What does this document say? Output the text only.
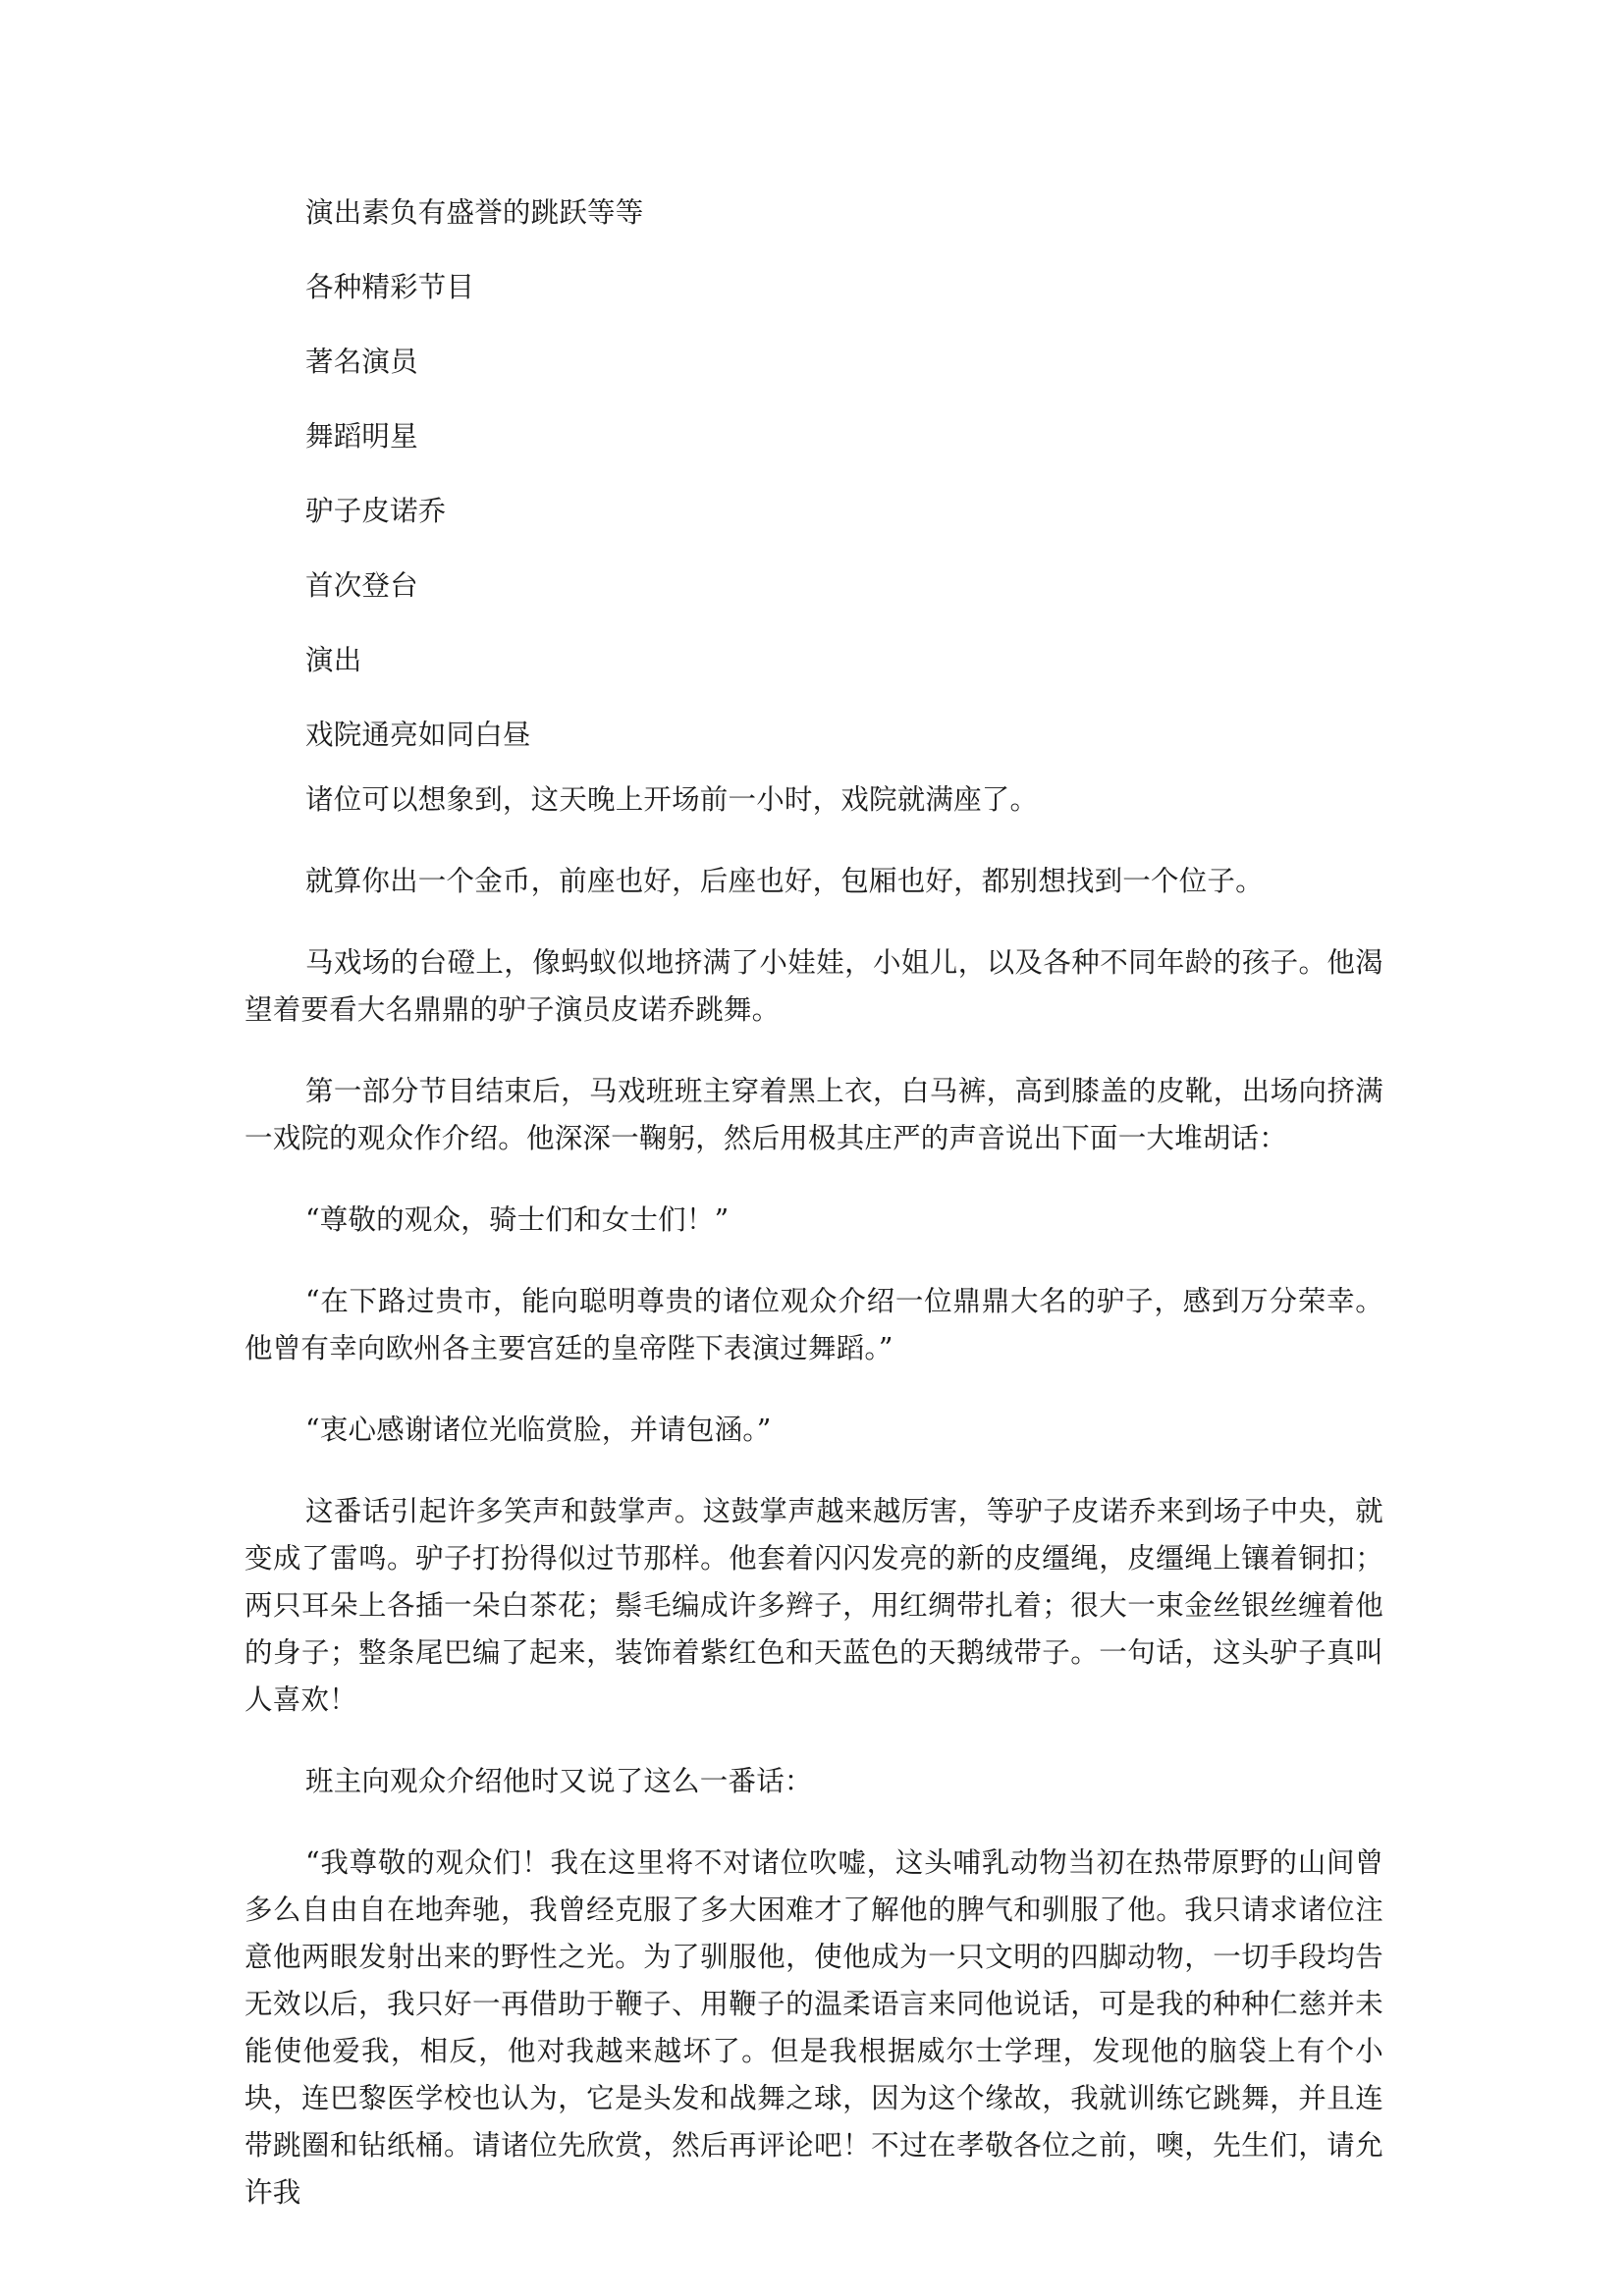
演出素负有盛誉的跳跃等等
各种精彩节目
著名演员
舞蹈明星
驴子皮诺乔
首次登台
演出
戏院通亮如同白昼

诸位可以想象到，这天晚上开场前一小时，戏院就满座了。

就算你出一个金币，前座也好，后座也好，包厢也好，都别想找到一个位子。

马戏场的台磴上，像蚂蚁似地挤满了小娃娃，小姐儿，以及各种不同年龄的孩子。他渴望着要看大名鼎鼎的驴子演员皮诺乔跳舞。

第一部分节目结束后，马戏班班主穿着黑上衣，白马裤，高到膝盖的皮靴，出场向挤满一戏院的观众作介绍。他深深一鞠躬，然后用极其庄严的声音说出下面一大堆胡话：

“尊敬的观众，骑士们和女士们！”

“在下路过贵市，能向聪明尊贵的诸位观众介绍一位鼎鼎大名的驴子，感到万分荣幸。他曾有幸向欧州各主要宫廷的皇帝陛下表演过舞蹈。”

“衷心感谢诸位光临赏脸，并请包涵。”

这番话引起许多笑声和鼓掌声。这鼓掌声越来越厉害，等驴子皮诺乔来到场子中央，就变成了雷鸣。驴子打扮得似过节那样。他套着闪闪发亮的新的皮缰绳，皮缰绳上镶着铜扣；两只耳朵上各插一朵白茶花；鬃毛编成许多辫子，用红绸带扎着；很大一束金丝银丝缠着他的身子；整条尾巴编了起来，装饰着紫红色和天蓝色的天鹅绒带子。一句话，这头驴子真叫人喜欢！

班主向观众介绍他时又说了这么一番话：

“我尊敬的观众们！我在这里将不对诸位吹嘘，这头哺乳动物当初在热带原野的山间曾多么自由自在地奔驰，我曾经克服了多大困难才了解他的脾气和驯服了他。我只请求诸位注意他两眼发射出来的野性之光。为了驯服他，使他成为一只文明的四脚动物，一切手段均告无效以后，我只好一再借助于鞭子、用鞭子的温柔语言来同他说话，可是我的种种仁慈并未能使他爱我，相反，他对我越来越坏了。但是我根据威尔士学理，发现他的脑袋上有个小块，连巴黎医学校也认为，它是头发和战舞之球，因为这个缘故，我就训练它跳舞，并且连带跳圈和钻纸桶。请诸位先欣赏，然后再评论吧！不过在孝敬各位之前，噢，先生们，请允许我
